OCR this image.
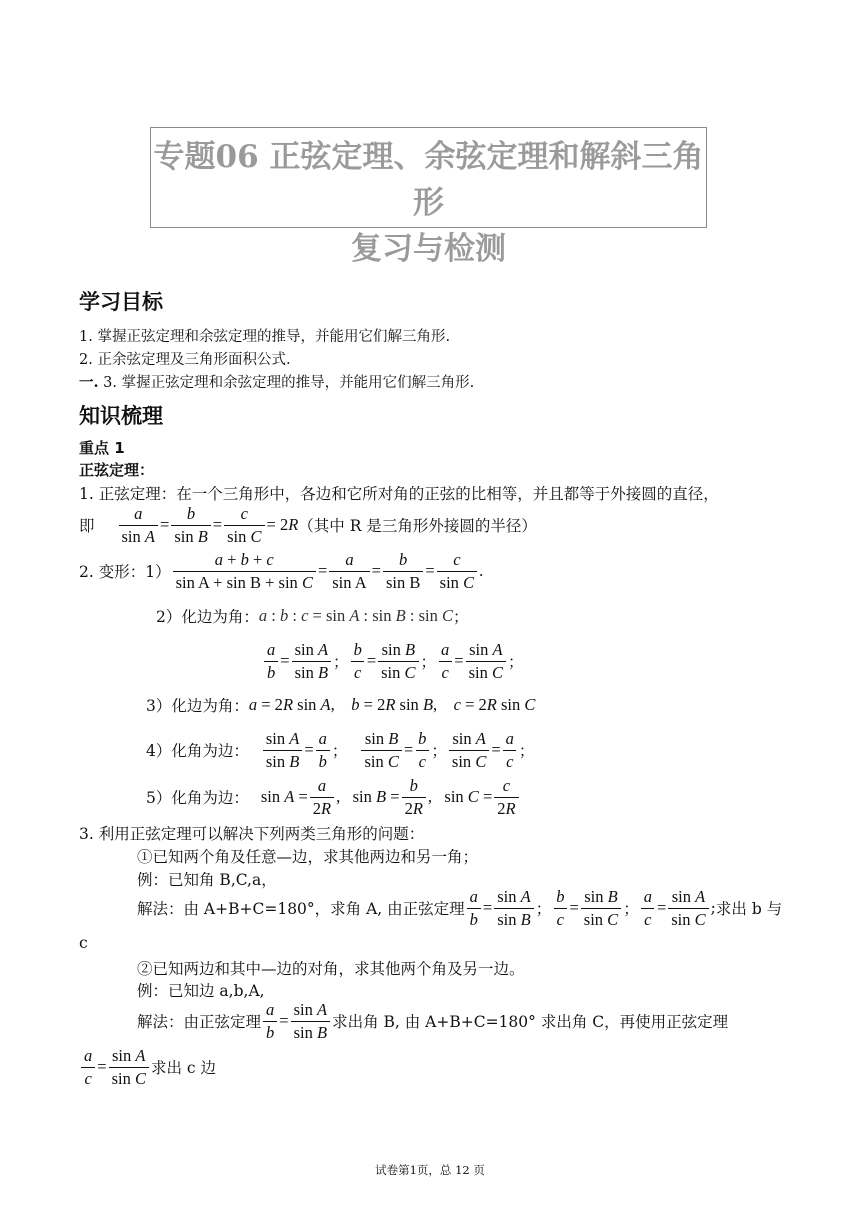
专题06 正弦定理、余弦定理和解斜三角形
复习与检测
学习目标
1. 掌握正弦定理和余弦定理的推导，并能用它们解三角形.
2. 正余弦定理及三角形面积公式.
一. 3. 掌握正弦定理和余弦定理的推导，并能用它们解三角形.
知识梳理
重点 1
正弦定理：
1. 正弦定理：在一个三角形中，各边和它所对角的正弦的比相等，并且都等于外接圆的直径，
即 $\frac{a}{\text{sin A}} = \frac{b}{\text{sin B}} = \frac{c}{\text{sin C}} = 2R$ （其中 R 是三角形外接圆的半径）
2. 变形：$1) \frac{a + b + c}{\text{sin A + sin B + sin C}} = \frac{a}{\text{sin A}} = \frac{b}{\text{sin B}} = \frac{c}{\text{sin C}}$ .
2）化边为角： a : b : c = sin A : sin B : sin C ；
$\frac{a}{b} = \frac{\text{sin A}}{\text{sin B}}$ ； $\frac{b}{c} = \frac{\text{sin B}}{\text{sin C}}$ ； $\frac{a}{c} = \frac{\text{sin A}}{\text{sin C}}$ ；
3）化边为角： a = 2R sin A,    b = 2R sin B,    c = 2R sin C
4）化角为边： $\frac{\text{sin A}}{\text{sin B}} = \frac{a}{b}$ ； $\frac{\text{sin B}}{\text{sin C}} = \frac{b}{c}$ ； $\frac{\text{sin A}}{\text{sin C}} = \frac{a}{c}$ ；
5）化角为边： $\sin A = \frac{a}{2R}$ ,   $\sin B = \frac{b}{2R}$ ,   $\sin C = \frac{c}{2R}$
3. 利用正弦定理可以解决下列两类三角形的问题：
①已知两个角及任意—边，求其他两边和另一角；
例：已知角 B,C,a，
解法：由 A+B+C=180°，求角 A, 由正弦定理 $\frac{a}{b} = \frac{\text{sin A}}{\text{sin B}}$ ； $\frac{b}{c} = \frac{\text{sin B}}{\text{sin C}}$ ； $\frac{a}{c} = \frac{\text{sin A}}{\text{sin C}}$ ; 求出 b 与
c
②已知两边和其中—边的对角，求其他两个角及另一边。
例：已知边 a,b,A,
解法：由正弦定理 $\frac{a}{b} = \frac{\text{sin A}}{\text{sin B}}$ 求出角 B, 由 A+B+C=180° 求出角 C，再使用正弦定理
$\frac{a}{c} = \frac{\text{sin A}}{\text{sin C}}$ 求出 c 边
试卷第1页，总 12 页
